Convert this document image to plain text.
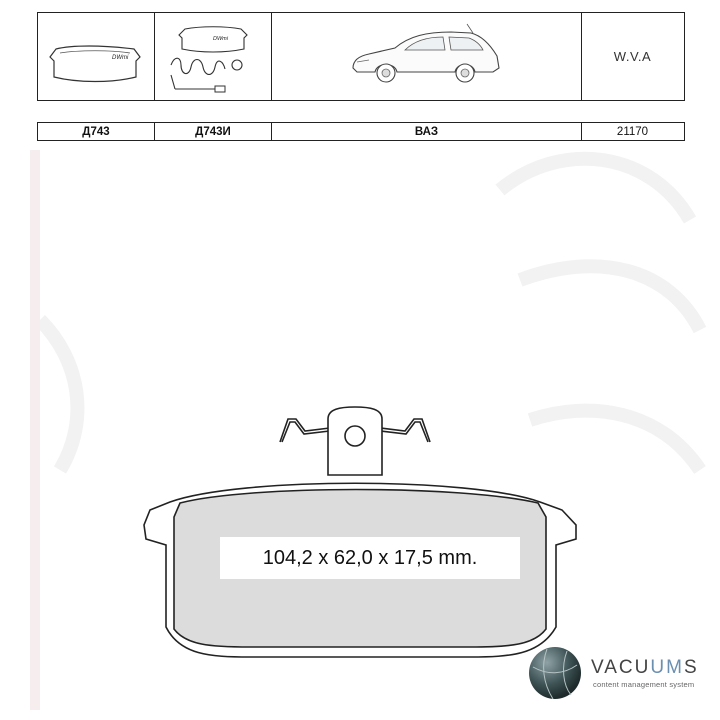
DWmi
DWmi
W.V.A
Д743	Д743И	ВАЗ	21170
104,2 x 62,0 x 17,5 mm.
VACUUMS
content management system
